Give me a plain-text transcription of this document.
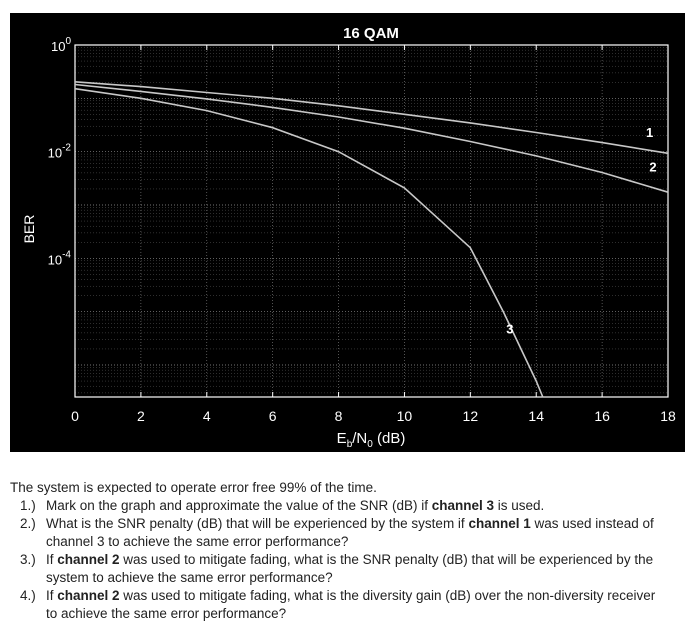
1
2
3
0	2	4	6	8	10	12	14	16	18
$10^0$
$10^{-2}$
$10^{-4}$
16 QAM
$E_b/N_0$ (dB)
BER

The system is expected to operate error free 99% of the time.

1.) Mark on the graph and approximate the value of the SNR (dB) if channel 3 is used.
2.) What is the SNR penalty (dB) that will be experienced by the system if channel 1 was used instead of channel 3 to achieve the same error performance?
3.) If channel 2 was used to mitigate fading, what is the SNR penalty (dB) that will be experienced by the system to achieve the same error performance?
4.) If channel 2 was used to mitigate fading, what is the diversity gain (dB) over the non-diversity receiver to achieve the same error performance?
